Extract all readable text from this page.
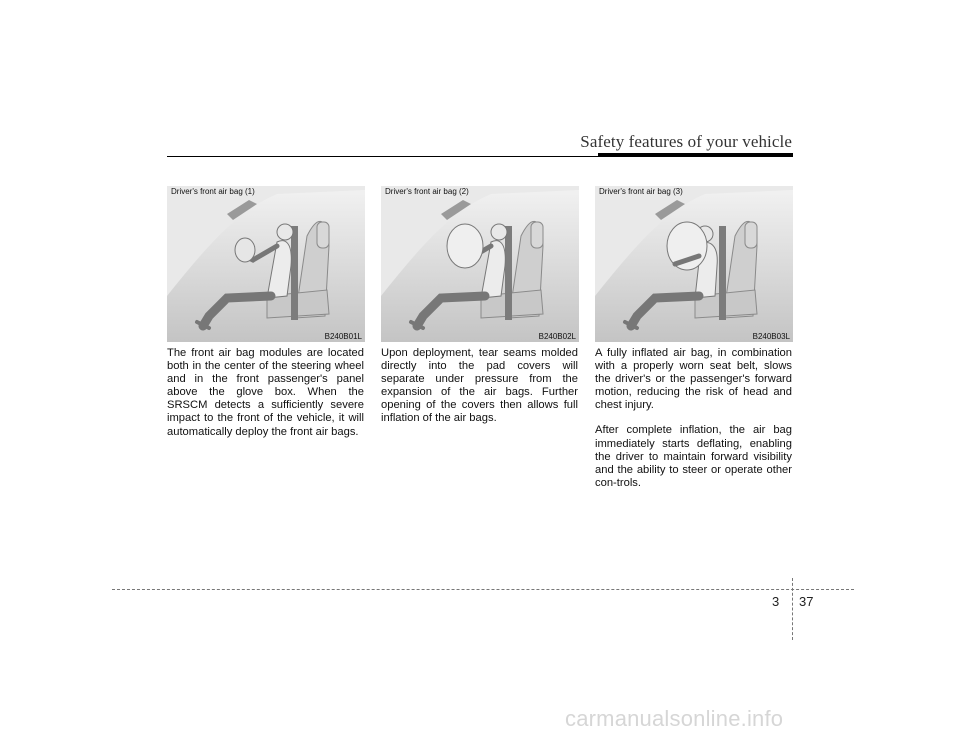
Safety features of your vehicle
Driver's front air bag (1)
B240B01L
Driver's front air bag (2)
B240B02L
Driver's front air bag (3)
B240B03L

The front air bag modules are located both in the center of the steering wheel and in the front passenger's panel above the glove box. When the SRSCM detects a sufficiently severe impact to the front of the vehicle, it will automatically deploy the front air bags.

Upon deployment, tear seams molded directly into the pad covers will separate under pressure from the expansion of the air bags. Further opening of the covers then allows full inflation of the air bags.

A fully inflated air bag, in combination with a properly worn seat belt, slows the driver's or the passenger's forward motion, reducing the risk of head and chest injury.

After complete inflation, the air bag immediately starts deflating, enabling the driver to maintain forward visibility and the ability to steer or operate other con-trols.

3 37
carmanualsonline.info
